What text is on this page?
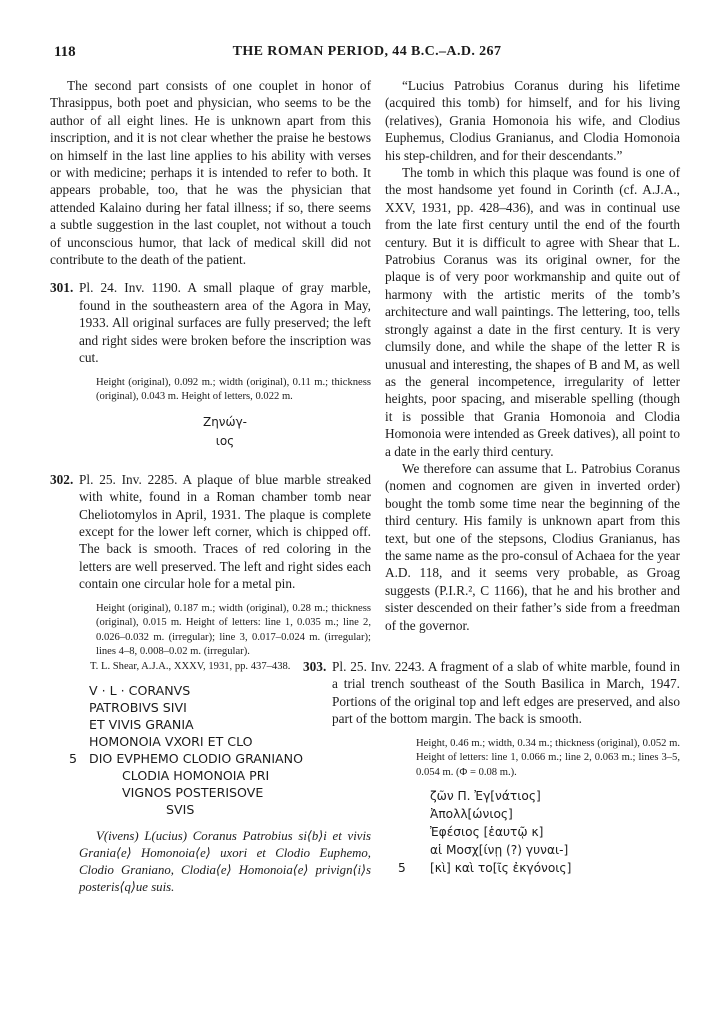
118	THE ROMAN PERIOD, 44 B.C.–A.D. 267

The second part consists of one couplet in honor of Thrasippus, both poet and physician, who seems to be the author of all eight lines. He is unknown apart from this inscription, and it is not clear whether the praise he bestows on himself in the last line applies to his ability with verses or with medicine; perhaps it is intended to refer to both. It appears probable, too, that he was the physician that attended Kalaino during her fatal illness; if so, there seems a subtle suggestion in the last couplet, not without a touch of unconscious humor, that lack of medical skill did not contribute to the death of the patient.

301. Pl. 24. Inv. 1190. A small plaque of gray marble, found in the southeastern area of the Agora in May, 1933. All original surfaces are fully preserved; the left and right sides were broken before the inscription was cut.

Height (original), 0.092 m.; width (original), 0.11 m.; thickness (original), 0.043 m. Height of letters, 0.022 m.

Ζηνώγ-

ιος

302. Pl. 25. Inv. 2285. A plaque of blue marble streaked with white, found in a Roman chamber tomb near Cheliotomylos in April, 1931. The plaque is complete except for the lower left corner, which is chipped off. The back is smooth. Traces of red coloring in the letters are well preserved. The left and right sides each contain one circular hole for a metal pin.

Height (original), 0.187 m.; width (original), 0.28 m.; thickness (original), 0.015 m. Height of letters: line 1, 0.035 m.; line 2, 0.026–0.032 m. (irregular); line 3, 0.017–0.024 m. (irregular); lines 4–8, 0.008–0.02 m. (irregular).

T. L. Shear, A.J.A., XXXV, 1931, pp. 437–438.

V · L · CORANVS
PATROBIVS SIVI
ET VIVIS GRANIA
HOMONOIA VXORI ET CLO
5 DIO EVPHEMO CLODIO GRANIANO
CLODIA HOMONOIA PRI
VIGNOS POSTERISOVE
SVIS

V(ivens) L(ucius) Coranus Patrobius si⟨b⟩i et vivis Grania⟨e⟩ Homonoia⟨e⟩ uxori et Clodio Euphemo, Clodio Graniano, Clodia⟨e⟩ Homonoia⟨e⟩ privign⟨i⟩s posteris⟨q⟩ue suis.

“Lucius Patrobius Coranus during his lifetime (acquired this tomb) for himself, and for his living (relatives), Grania Homonoia his wife, and Clodius Euphemus, Clodius Granianus, and Clodia Homonoia his step-children, and for their descendants.”

The tomb in which this plaque was found is one of the most handsome yet found in Corinth (cf. A.J.A., XXV, 1931, pp. 428–436), and was in continual use from the late first century until the end of the fourth century. But it is difficult to agree with Shear that L. Patrobius Coranus was its original owner, for the plaque is of very poor workmanship and quite out of harmony with the artistic merits of the tomb’s architecture and wall paintings. The lettering, too, tells strongly against a date in the first century. It is very clumsily done, and while the shape of the letter R is unusual and interesting, the shapes of B and M, as well as the general incompetence, irregularity of letter heights, poor spacing, and miserable spelling (though it is possible that Grania Homonoia and Clodia Homonoia were intended as Greek datives), all point to a date in the early third century.

We therefore can assume that L. Patrobius Coranus (nomen and cognomen are given in inverted order) bought the tomb some time near the beginning of the third century. His family is unknown apart from this text, but one of the stepsons, Clodius Granianus, has the same name as the pro-consul of Achaea for the year A.D. 118, and it seems very probable, as Groag suggests (P.I.R.², C 1166), that he and his brother and sister descended on their father’s side from a freedman of the governor.

303. Pl. 25. Inv. 2243. A fragment of a slab of white marble, found in a trial trench southeast of the South Basilica in March, 1947. Portions of the original top and left edges are preserved, and also part of the bottom margin. The back is smooth.

Height, 0.46 m.; width, 0.34 m.; thickness (original), 0.052 m. Height of letters: line 1, 0.066 m.; line 2, 0.063 m.; lines 3–5, 0.054 m. (Φ = 0.08 m.).

ζῶν Π. Ἐγ[νάτιος]
Ἀπολλ[ώνιος]
Ἐφέσιος [ἑαυτῷ κ]
αἱ Μοσχ[ίνῃ (?) γυναι-]
5 [κὶ] καὶ το[ῖς ἐκγόνοις]
